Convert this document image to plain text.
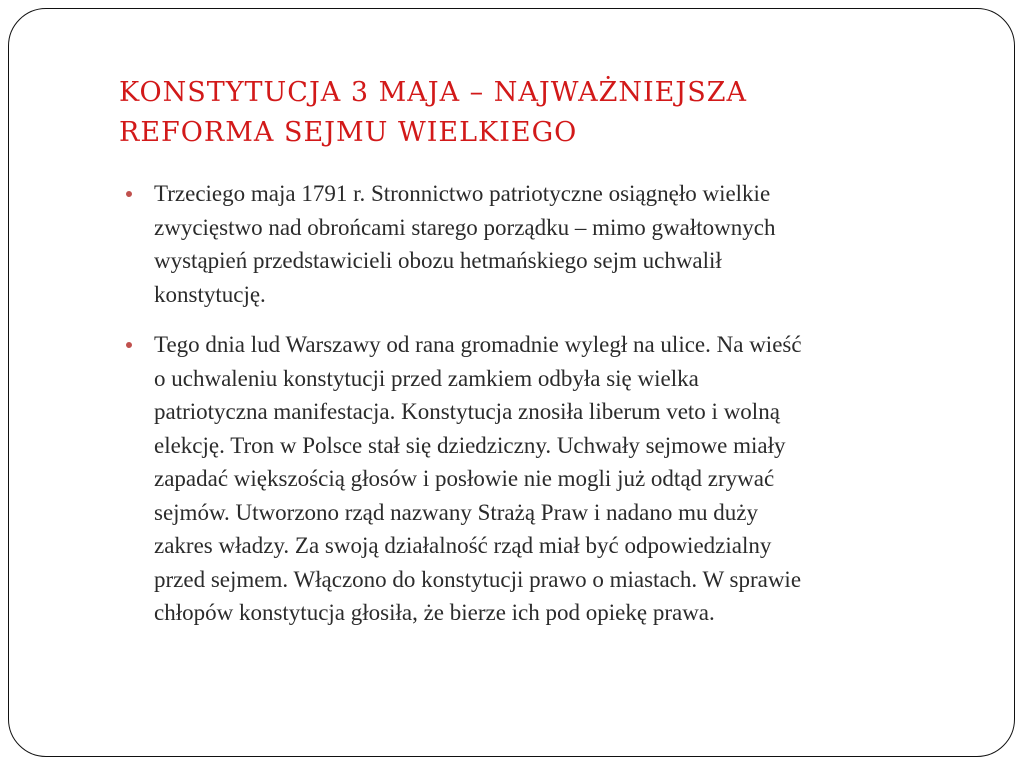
KONSTYTUCJA 3 MAJA – NAJWAŻNIEJSZA
REFORMA SEJMU WIELKIEGO
Trzeciego maja 1791 r. Stronnictwo patriotyczne osiągnęło wielkie
zwycięstwo nad obrońcami starego porządku – mimo gwałtownych
wystąpień przedstawicieli obozu hetmańskiego sejm uchwalił
konstytucję.
Tego dnia lud Warszawy od rana gromadnie wyległ na ulice. Na wieść
o uchwaleniu konstytucji przed zamkiem odbyła się wielka
patriotyczna manifestacja. Konstytucja znosiła liberum veto i wolną
elekcję. Tron w Polsce stał się dziedziczny. Uchwały sejmowe miały
zapadać większością głosów i posłowie nie mogli już odtąd zrywać
sejmów. Utworzono rząd nazwany Strażą Praw i nadano mu duży
zakres władzy. Za swoją działalność rząd miał być odpowiedzialny
przed sejmem. Włączono do konstytucji prawo o miastach. W sprawie
chłopów konstytucja głosiła, że bierze ich pod opiekę prawa.
